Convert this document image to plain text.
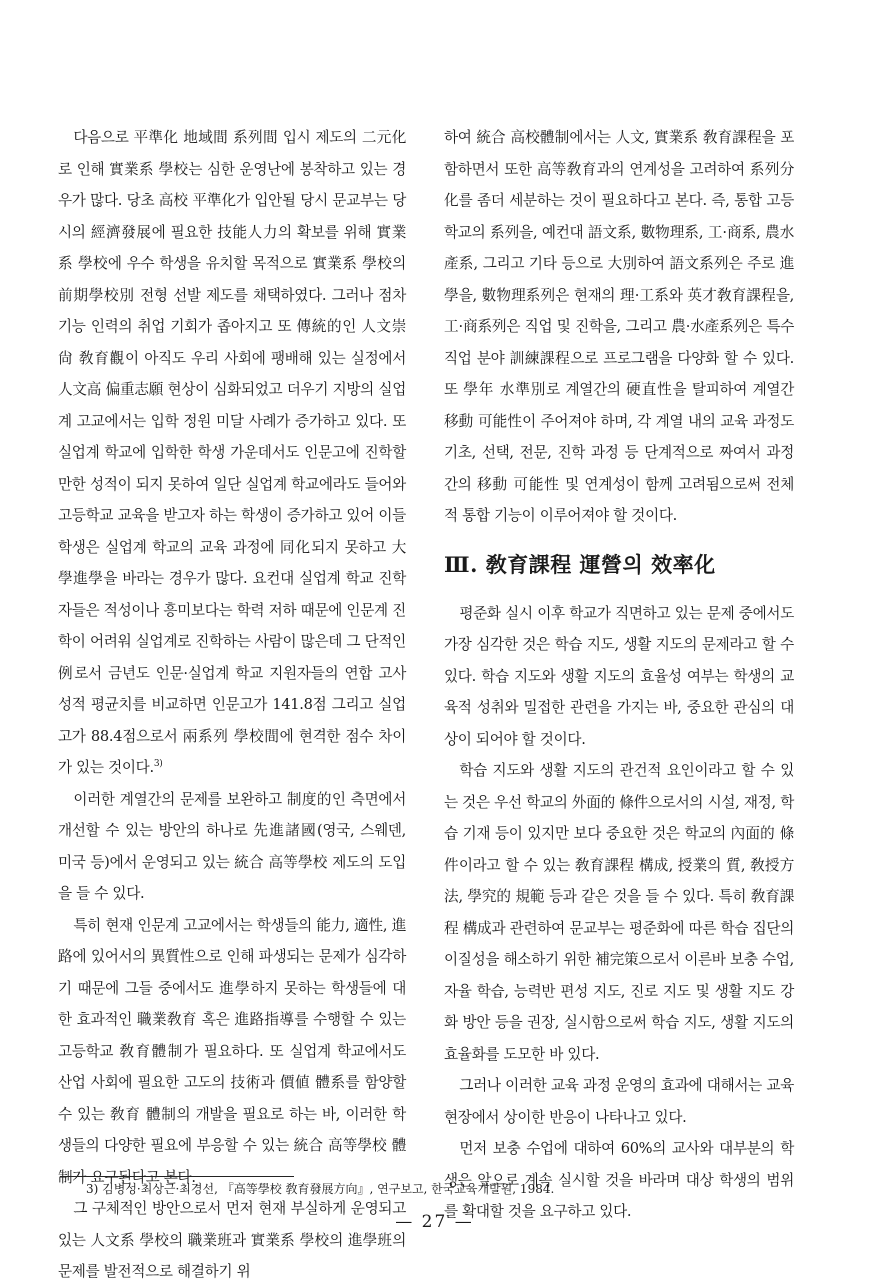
다음으로 平準化 地域間 系列間 입시 제도의 二元化로 인해 實業系 學校는 심한 운영난에 봉착하고 있는 경우가 많다. 당초 高校 平準化가 입안될 당시 문교부는 당시의 經濟發展에 필요한 技能人力의 확보를 위해 實業系 學校에 우수 학생을 유치할 목적으로 實業系 學校의 前期學校別 전형 선발 제도를 채택하였다. 그러나 점차 기능 인력의 취업 기회가 좁아지고 또 傳統的인 人文崇尙 敎育觀이 아직도 우리 사회에 팽배해 있는 실정에서 人文高 偏重志願 현상이 심화되었고 더우기 지방의 실업계 고교에서는 입학 정원 미달 사례가 증가하고 있다. 또 실업계 학교에 입학한 학생 가운데서도 인문고에 진학할만한 성적이 되지 못하여 일단 실업계 학교에라도 들어와 고등학교 교육을 받고자 하는 학생이 증가하고 있어 이들 학생은 실업계 학교의 교육 과정에 同化되지 못하고 大學進學을 바라는 경우가 많다. 요컨대 실업계 학교 진학자들은 적성이나 흥미보다는 학력 저하 때문에 인문계 진학이 어려워 실업계로 진학하는 사람이 많은데 그 단적인 例로서 금년도 인문·실업계 학교 지원자들의 연합 고사 성적 평균치를 비교하면 인문고가 141.8점 그리고 실업고가 88.4점으로서 兩系列 學校間에 현격한 점수 차이가 있는 것이다.$^{3)}$

이러한 계열간의 문제를 보완하고 制度的인 측면에서 개선할 수 있는 방안의 하나로 先進諸國(영국, 스웨덴, 미국 등)에서 운영되고 있는 統合 高等學校 제도의 도입을 들 수 있다.

특히 현재 인문계 고교에서는 학생들의 能力, 適性, 進路에 있어서의 異質性으로 인해 파생되는 문제가 심각하기 때문에 그들 중에서도 進學하지 못하는 학생들에 대한 효과적인 職業敎育 혹은 進路指導를 수행할 수 있는 고등학교 敎育體制가 필요하다. 또 실업계 학교에서도 산업 사회에 필요한 고도의 技術과 價値 體系를 함양할 수 있는 敎育 體制의 개발을 필요로 하는 바, 이러한 학생들의 다양한 필요에 부응할 수 있는 統合 高等學校 體制가 요구된다고 본다.

그 구체적인 방안으로서 먼저 현재 부실하게 운영되고 있는 人文系 學校의 職業班과 實業系 學校의 進學班의 문제를 발전적으로 해결하기 위

하여 統合 高校體制에서는 人文, 實業系 敎育課程을 포함하면서 또한 高等敎育과의 연계성을 고려하여 系列分化를 좀더 세분하는 것이 필요하다고 본다. 즉, 통합 고등학교의 系列을, 예컨대 語文系, 數物理系, 工·商系, 農水產系, 그리고 기타 등으로 大別하여 語文系列은 주로 進學을, 數物理系列은 현재의 理·工系와 英才敎育課程을, 工·商系列은 직업 및 진학을, 그리고 農·水產系列은 특수 직업 분야 訓練課程으로 프로그램을 다양화 할 수 있다. 또 學年 水準別로 계열간의 硬直性을 탈피하여 계열간 移動 可能性이 주어져야 하며, 각 계열 내의 교육 과정도 기초, 선택, 전문, 진학 과정 등 단계적으로 짜여서 과정간의 移動 可能性 및 연계성이 함께 고려됨으로써 전체적 통합 기능이 이루어져야 할 것이다.

Ⅲ. 敎育課程 運營의 效率化

평준화 실시 이후 학교가 직면하고 있는 문제 중에서도 가장 심각한 것은 학습 지도, 생활 지도의 문제라고 할 수 있다. 학습 지도와 생활 지도의 효율성 여부는 학생의 교육적 성취와 밀접한 관련을 가지는 바, 중요한 관심의 대상이 되어야 할 것이다.

학습 지도와 생활 지도의 관건적 요인이라고 할 수 있는 것은 우선 학교의 外面的 條件으로서의 시설, 재정, 학습 기재 등이 있지만 보다 중요한 것은 학교의 內面的 條件이라고 할 수 있는 敎育課程 構成, 授業의 質, 敎授方法, 學究的 規範 등과 같은 것을 들 수 있다. 특히 敎育課程 構成과 관련하여 문교부는 평준화에 따른 학습 집단의 이질성을 해소하기 위한 補完策으로서 이른바 보충 수업, 자율 학습, 능력반 편성 지도, 진로 지도 및 생활 지도 강화 방안 등을 권장, 실시함으로써 학습 지도, 생활 지도의 효율화를 도모한 바 있다.

그러나 이러한 교육 과정 운영의 효과에 대해서는 교육 현장에서 상이한 반응이 나타나고 있다.

먼저 보충 수업에 대하여 60%의 교사와 대부분의 학생은 앞으로 계속 실시할 것을 바라며 대상 학생의 범위를 확대할 것을 요구하고 있다.

3) 김병성·최상근·최경선, 『高等學校 敎育發展方向』, 연구보고, 한국교육개발원, 1984.
— 27 —
